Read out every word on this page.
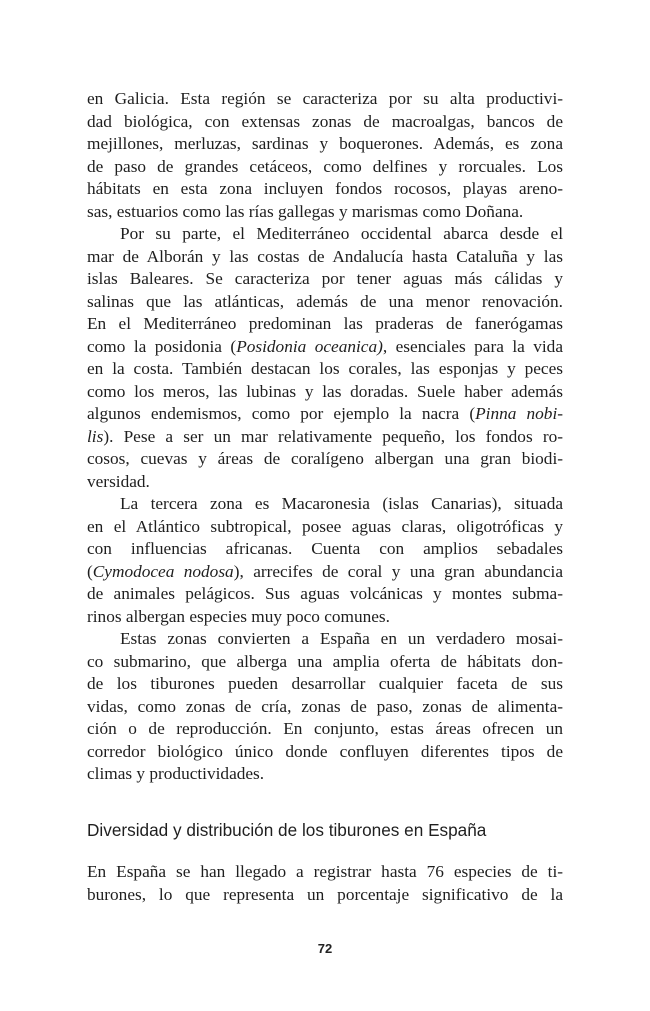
en Galicia. Esta región se caracteriza por su alta productivi-
dad biológica, con extensas zonas de macroalgas, bancos de
mejillones, merluzas, sardinas y boquerones. Además, es zona
de paso de grandes cetáceos, como delfines y rorcuales. Los
hábitats en esta zona incluyen fondos rocosos, playas areno-
sas, estuarios como las rías gallegas y marismas como Doñana.
Por su parte, el Mediterráneo occidental abarca desde el
mar de Alborán y las costas de Andalucía hasta Cataluña y las
islas Baleares. Se caracteriza por tener aguas más cálidas y
salinas que las atlánticas, además de una menor renovación.
En el Mediterráneo predominan las praderas de fanerógamas
como la posidonia (Posidonia oceanica), esenciales para la vida
en la costa. También destacan los corales, las esponjas y peces
como los meros, las lubinas y las doradas. Suele haber además
algunos endemismos, como por ejemplo la nacra (Pinna nobi-
lis). Pese a ser un mar relativamente pequeño, los fondos ro-
cosos, cuevas y áreas de coralígeno albergan una gran biodi-
versidad.
La tercera zona es Macaronesia (islas Canarias), situada
en el Atlántico subtropical, posee aguas claras, oligotróficas y
con influencias africanas. Cuenta con amplios sebadales
(Cymodocea nodosa), arrecifes de coral y una gran abundancia
de animales pelágicos. Sus aguas volcánicas y montes subma-
rinos albergan especies muy poco comunes.
Estas zonas convierten a España en un verdadero mosai-
co submarino, que alberga una amplia oferta de hábitats don-
de los tiburones pueden desarrollar cualquier faceta de sus
vidas, como zonas de cría, zonas de paso, zonas de alimenta-
ción o de reproducción. En conjunto, estas áreas ofrecen un
corredor biológico único donde confluyen diferentes tipos de
climas y productividades.
Diversidad y distribución de los tiburones en España
En España se han llegado a registrar hasta 76 especies de ti-
burones, lo que representa un porcentaje significativo de la
72
